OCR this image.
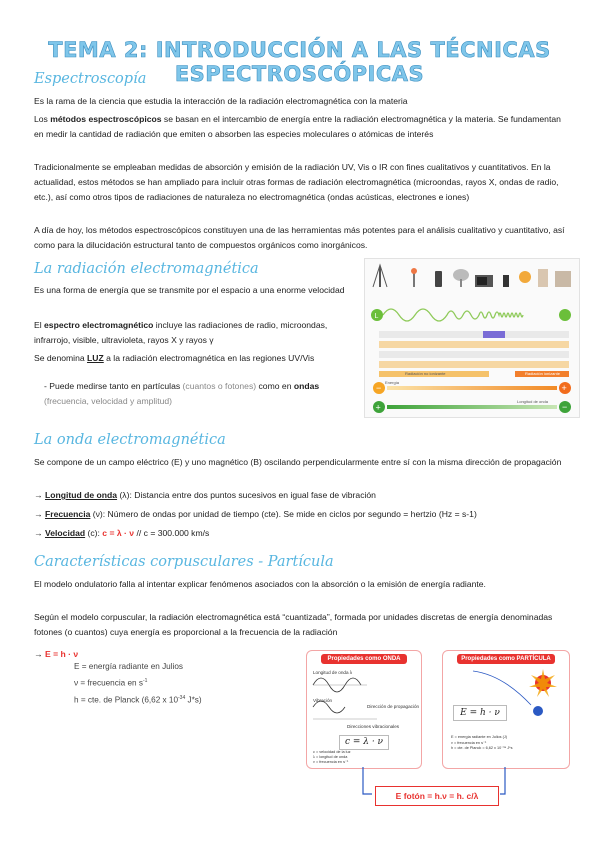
TEMA 2: INTRODUCCIÓN A LAS TÉCNICAS ESPECTROSCÓPICAS
Espectroscopía
Es la rama de la ciencia que estudia la interacción de la radiación electromagnética con la materia
Los métodos espectroscópicos se basan en el intercambio de energía entre la radiación electromagnética y la materia. Se fundamentan en medir la cantidad de radiación que emiten o absorben las especies moleculares o atómicas de interés
Tradicionalmente se empleaban medidas de absorción y emisión de la radiación UV, Vis o IR con fines cualitativos y cuantitativos. En la actualidad, estos métodos se han ampliado para incluir otras formas de radiación electromagnética (microondas, rayos X, ondas de radio, etc.), así como otros tipos de radiaciones de naturaleza no electromagnética (ondas acústicas, electrones e iones)
A día de hoy, los métodos espectroscópicos constituyen una de las herramientas más potentes para el análisis cualitativo y cuantitativo, así como para la dilucidación estructural tanto de compuestos orgánicos como inorgánicos.
La radiación electromagnética
Es una forma de energía que se transmite por el espacio a una enorme velocidad
El espectro electromagnético incluye las radiaciones de radio, microondas, infrarrojo, visible, ultravioleta, rayos X y rayos γ
Se denomina LUZ a la radiación electromagnética en las regiones UV/Vis
- Puede medirse tanto en partículas (cuantos o fotones) como en ondas (frecuencia, velocidad y amplitud)
L
−	+
+	−
Energía
Longitud de onda
Radiación no ionizante	Radiación ionizante
La onda electromagnética
Se compone de un campo eléctrico (E) y uno magnético (B) oscilando perpendicularmente entre sí con la misma dirección de propagación
→ Longitud de onda (λ): Distancia entre dos puntos sucesivos en igual fase de vibración
→ Frecuencia (ν): Número de ondas por unidad de tiempo (cte). Se mide en ciclos por segundo = hertzio (Hz = s-1)
→ Velocidad (c): c = λ · ν // c = 300.000 km/s
Características corpusculares - Partícula
El modelo ondulatorio falla al intentar explicar fenómenos asociados con la absorción o la emisión de energía radiante.
Según el modelo corpuscular, la radiación electromagnética está “cuantizada”, formada por unidades discretas de energía denominadas fotones (o cuantos) cuya energía es proporcional a la frecuencia de la radiación
→ E = h · ν
E = energía radiante en Julios
ν = frecuencia en $s^{-1}$
h = cte. de Planck (6,62 x $10^{-34}$ J*s)
Propiedades como ONDA
Longitud de onda λ
Vibración
Dirección de propagación
Direcciones vibracionales
c = λ · ν
c = velocidad de la luz
λ = longitud de onda
ν = frecuencia en s⁻¹
Propiedades como PARTÍCULA
E = h · ν
E = energía radiante en Julios (J)
ν = frecuencia en s⁻¹
h = cte. de Planck = 6,62 x 10⁻³⁴ J*s
E fotón = h.ν = h. c/λ
